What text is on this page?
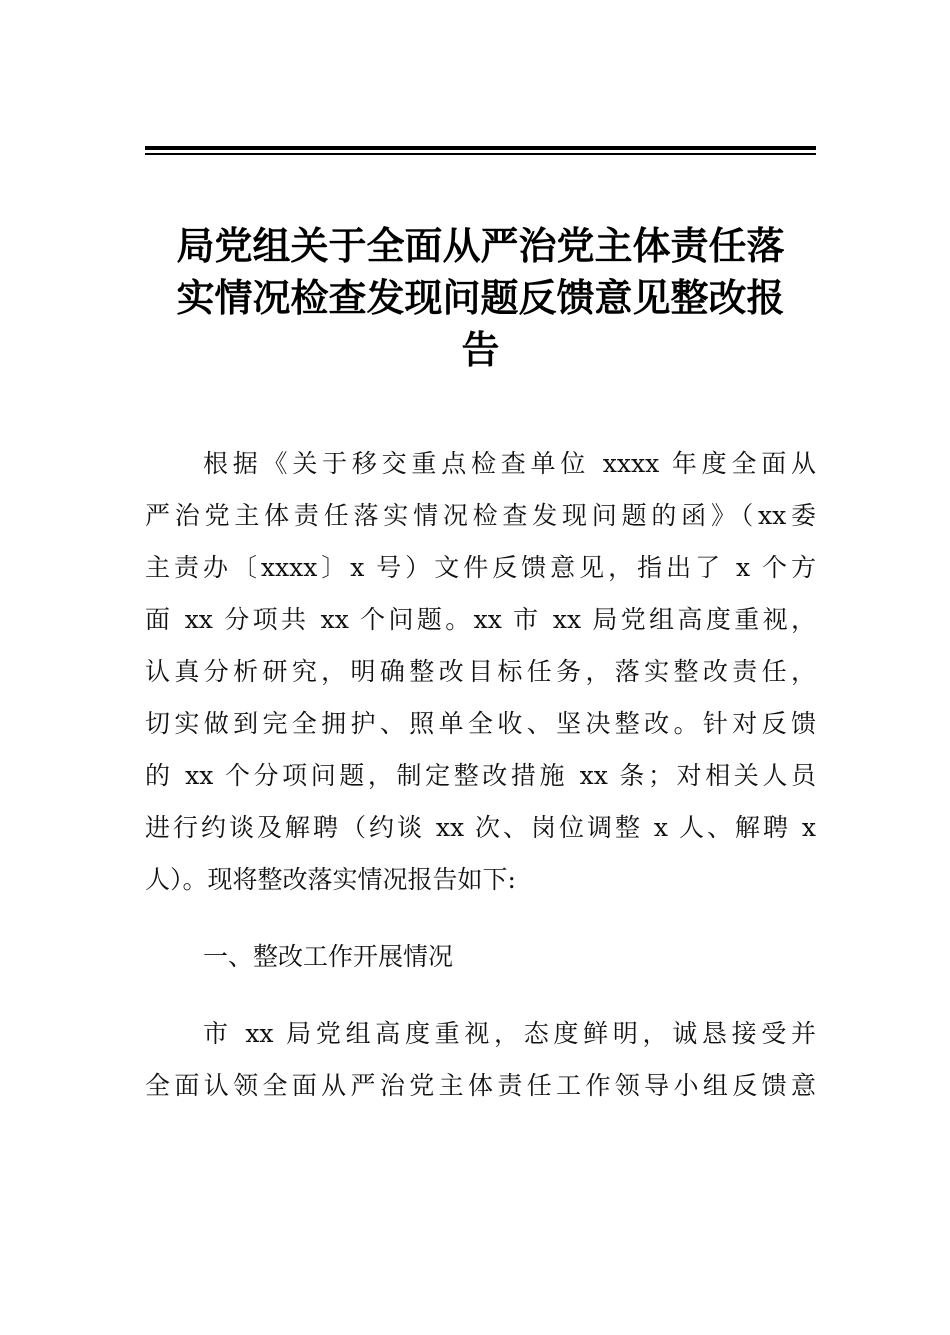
局党组关于全面从严治党主体责任落
实情况检查发现问题反馈意见整改报
告
根据《关于移交重点检查单位 xxxx 年度全面从
严治党主体责任落实情况检查发现问题的函》（xx委
主责办〔xxxx〕x 号）文件反馈意见，指出了 x 个方
面 xx 分项共 xx 个问题。xx 市 xx 局党组高度重视，
认真分析研究，明确整改目标任务，落实整改责任，
切实做到完全拥护、照单全收、坚决整改。针对反馈
的 xx 个分项问题，制定整改措施 xx 条；对相关人员
进行约谈及解聘（约谈 xx 次、岗位调整 x 人、解聘 x
人）。现将整改落实情况报告如下:
一、整改工作开展情况
市 xx 局党组高度重视，态度鲜明，诚恳接受并
全面认领全面从严治党主体责任工作领导小组反馈意
